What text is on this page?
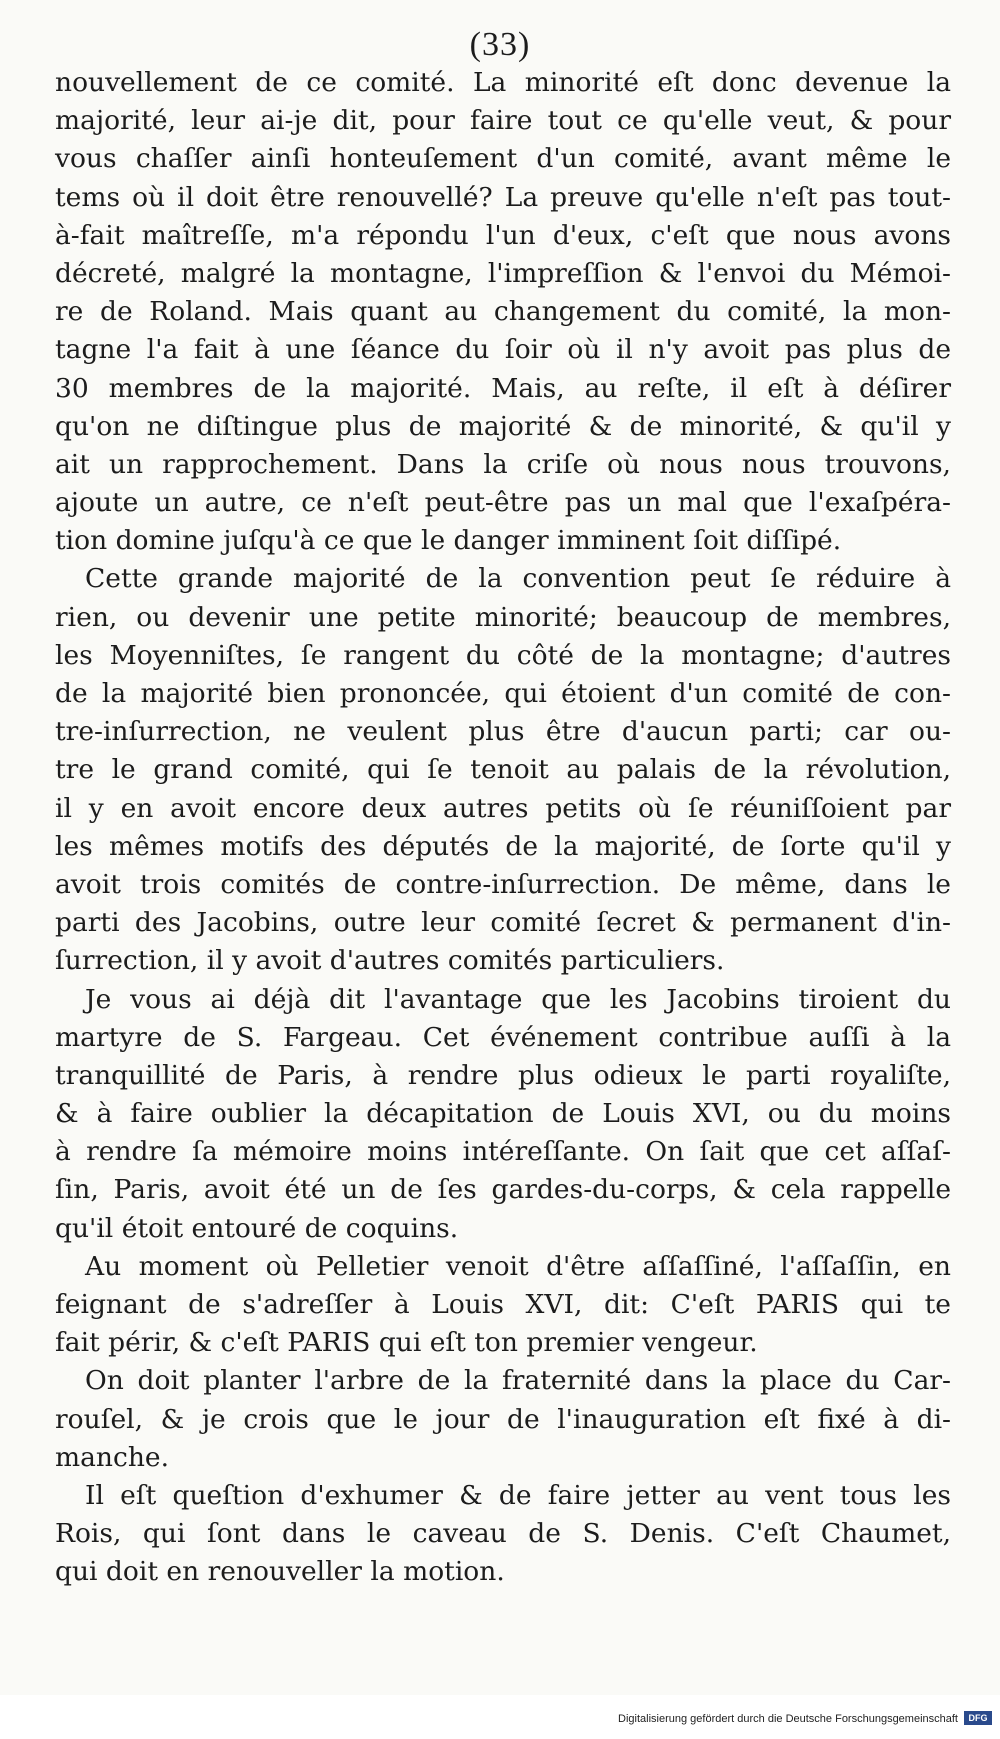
(33)
nouvellement de ce comité. La minorité eſt donc devenue la
majorité, leur ai-je dit, pour faire tout ce qu'elle veut, & pour
vous chaſſer ainſi honteuſement d'un comité, avant même le
tems où il doit être renouvellé? La preuve qu'elle n'eſt pas tout-
à-fait maîtreſſe, m'a répondu l'un d'eux, c'eſt que nous avons
décreté, malgré la montagne, l'impreſſion & l'envoi du Mémoi-
re de Roland. Mais quant au changement du comité, la mon-
tagne l'a fait à une ſéance du ſoir où il n'y avoit pas plus de
30 membres de la majorité. Mais, au reſte, il eſt à déſirer
qu'on ne diſtingue plus de majorité & de minorité, & qu'il y
ait un rapprochement. Dans la criſe où nous nous trouvons,
ajoute un autre, ce n'eſt peut-être pas un mal que l'exaſpéra-
tion domine juſqu'à ce que le danger imminent ſoit diſſipé.
Cette grande majorité de la convention peut ſe réduire à
rien, ou devenir une petite minorité; beaucoup de membres,
les Moyenniſtes, ſe rangent du côté de la montagne; d'autres
de la majorité bien prononcée, qui étoient d'un comité de con-
tre-inſurrection, ne veulent plus être d'aucun parti; car ou-
tre le grand comité, qui ſe tenoit au palais de la révolution,
il y en avoit encore deux autres petits où ſe réuniſſoient par
les mêmes motifs des députés de la majorité, de ſorte qu'il y
avoit trois comités de contre-inſurrection. De même, dans le
parti des Jacobins, outre leur comité ſecret & permanent d'in-
ſurrection, il y avoit d'autres comités particuliers.
Je vous ai déjà dit l'avantage que les Jacobins tiroient du
martyre de S. Fargeau. Cet événement contribue auſſi à la
tranquillité de Paris, à rendre plus odieux le parti royaliſte,
& à faire oublier la décapitation de Louis XVI, ou du moins
à rendre ſa mémoire moins intéreſſante. On ſait que cet aſſaſ-
ſin, Paris, avoit été un de ſes gardes-du-corps, & cela rappelle
qu'il étoit entouré de coquins.
Au moment où Pelletier venoit d'être aſſaſſiné, l'aſſaſſin, en
feignant de s'adreſſer à Louis XVI, dit: C'eſt PARIS qui te
fait périr, & c'eſt PARIS qui eſt ton premier vengeur.
On doit planter l'arbre de la fraternité dans la place du Car-
rouſel, & je crois que le jour de l'inauguration eſt fixé à di-
manche.
Il eſt queſtion d'exhumer & de faire jetter au vent tous les
Rois, qui ſont dans le caveau de S. Denis. C'eſt Chaumet,
qui doit en renouveller la motion.
Digitalisierung gefördert durch die Deutsche Forschungsgemeinschaft	DFG
